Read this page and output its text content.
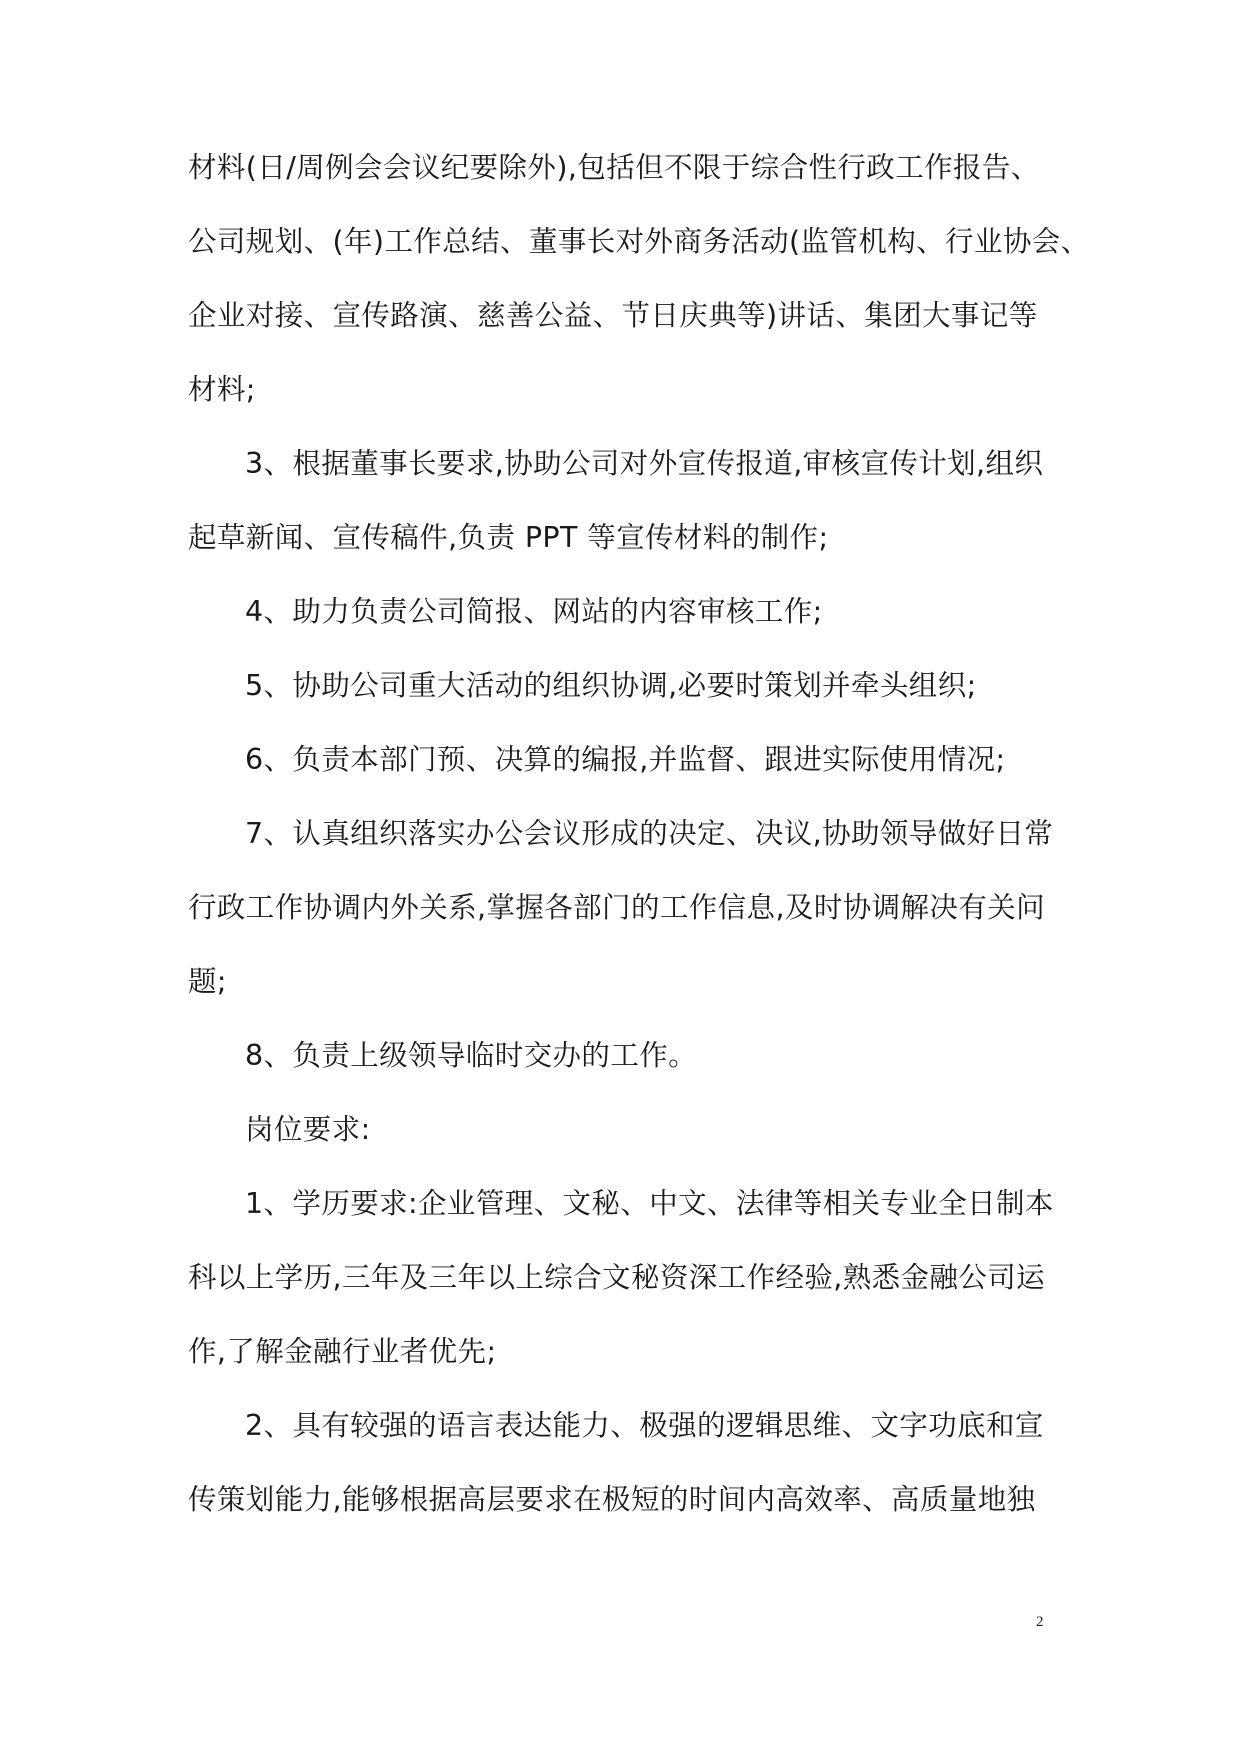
材料(日/周例会会议纪要除外),包括但不限于综合性行政工作报告、
公司规划、(年)工作总结、董事长对外商务活动(监管机构、行业协会、
企业对接、宣传路演、慈善公益、节日庆典等)讲话、集团大事记等
材料;
3、根据董事长要求,协助公司对外宣传报道,审核宣传计划,组织
起草新闻、宣传稿件,负责 PPT 等宣传材料的制作;
4、助力负责公司简报、网站的内容审核工作;
5、协助公司重大活动的组织协调,必要时策划并牵头组织;
6、负责本部门预、决算的编报,并监督、跟进实际使用情况;
7、认真组织落实办公会议形成的决定、决议,协助领导做好日常
行政工作协调内外关系,掌握各部门的工作信息,及时协调解决有关问
题;
8、负责上级领导临时交办的工作。
岗位要求:
1、学历要求:企业管理、文秘、中文、法律等相关专业全日制本
科以上学历,三年及三年以上综合文秘资深工作经验,熟悉金融公司运
作,了解金融行业者优先;
2、具有较强的语言表达能力、极强的逻辑思维、文字功底和宣
传策划能力,能够根据高层要求在极短的时间内高效率、高质量地独
2
